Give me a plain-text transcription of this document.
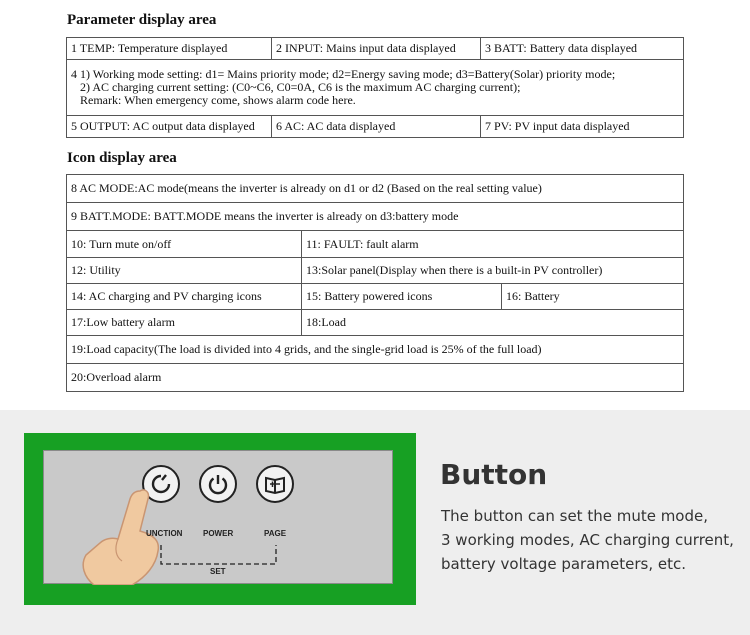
Parameter display area
1 TEMP: Temperature displayed	2 INPUT: Mains input data displayed	3 BATT: Battery data displayed

4 1) Working mode setting: d1= Mains priority mode; d2=Energy saving mode; d3=Battery(Solar) priority mode;
2) AC charging current setting: (C0~C6, C0=0A, C6 is the maximum AC charging current);
Remark: When emergency come, shows alarm code here.		

5 OUTPUT: AC output data displayed	6 AC: AC data displayed	7 PV: PV input data displayed
Icon display area
8 AC MODE:AC mode(means the inverter is already on d1 or d2 (Based on the real setting value)		
9 BATT.MODE: BATT.MODE means the inverter is already on d3:battery mode		
10: Turn mute on/off	11: FAULT: fault alarm	
12: Utility	13:Solar panel(Display when there is a built-in PV controller)	
14: AC charging and PV charging icons	15: Battery powered icons	16: Battery
17:Low battery alarm	18:Load	
19:Load capacity(The load is divided into 4 grids, and the single-grid load is 25% of the full load)		
20:Overload alarm		
UNCTION	POWER	PAGE
SET
Button
The button can set the mute mode,
3 working modes, AC charging current,
battery voltage parameters, etc.
